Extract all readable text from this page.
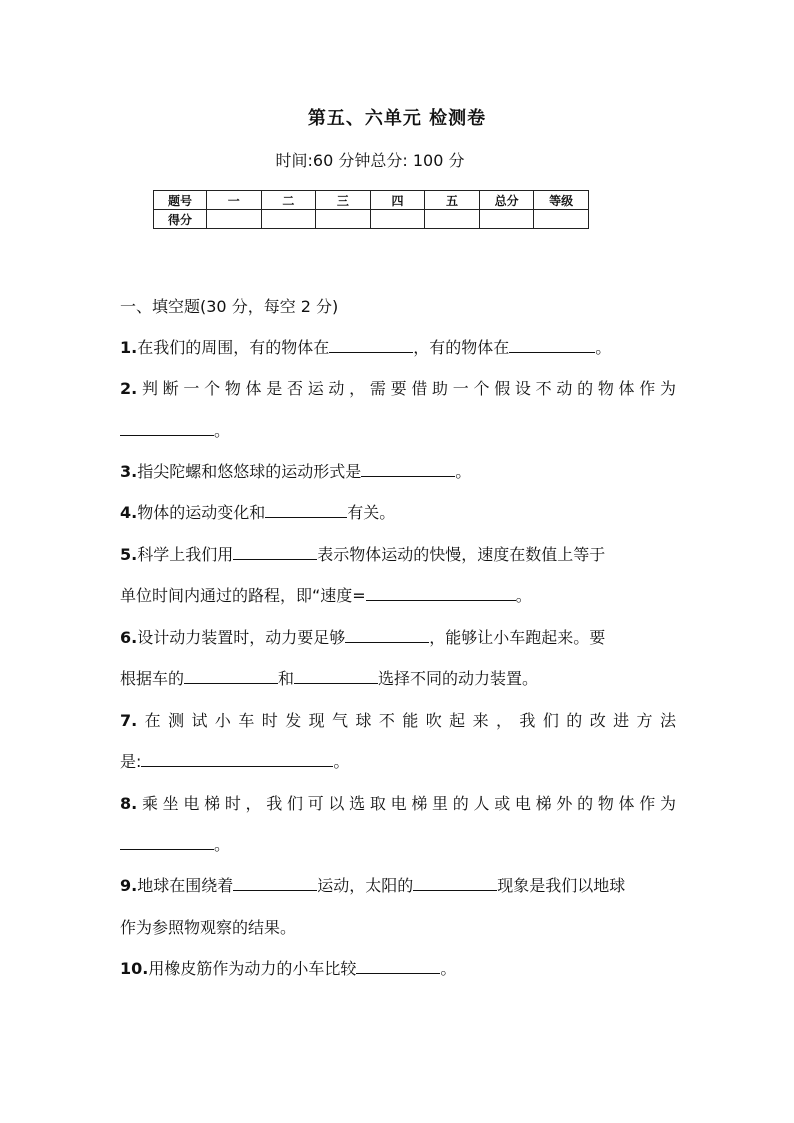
第五、六单元 检测卷
时间:60 分钟总分: 100 分
题号	一	二	三	四	五	总分	等级
得分							
一、填空题(30 分，每空 2 分)
1.在我们的周围，有的物体在	，有的物体在	。
2.判断一个物体是否运动，需要借助一个假设不动的物体作为
。
3.指尖陀螺和悠悠球的运动形式是	。
4.物体的运动变化和	有关。
5.科学上我们用	表示物体运动的快慢，速度在数值上等于
单位时间内通过的路程，即“速度=	。
6.设计动力装置时，动力要足够	，能够让小车跑起来。要
根据车的	和	选择不同的动力装置。
7.在测试小车时发现气球不能吹起来，我们的改进方法
是:	。
8.乘坐电梯时，我们可以选取电梯里的人或电梯外的物体作为
。
9.地球在围绕着	运动，太阳的	现象是我们以地球
作为参照物观察的结果。
10.用橡皮筋作为动力的小车比较	。
